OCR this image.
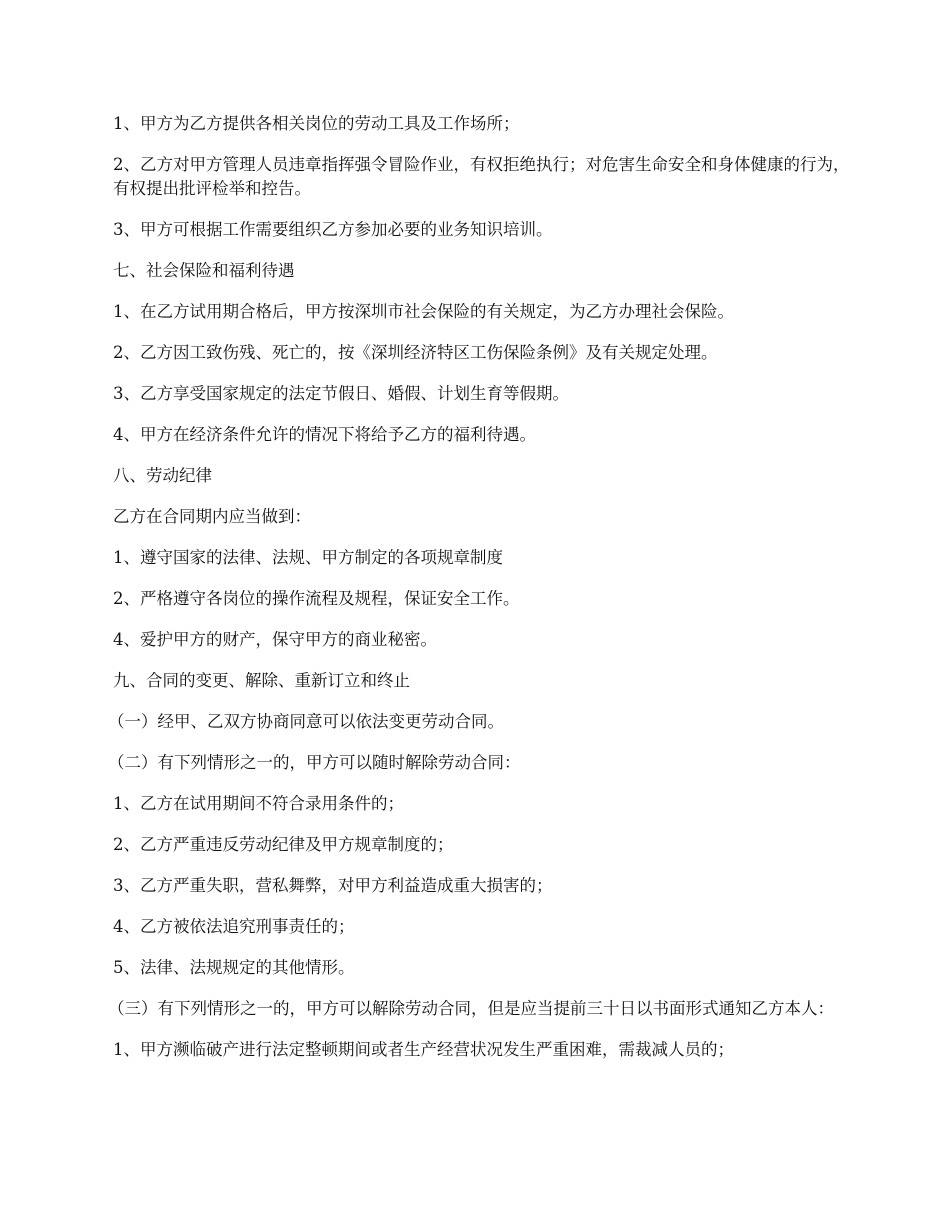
1、甲方为乙方提供各相关岗位的劳动工具及工作场所；

2、乙方对甲方管理人员违章指挥强令冒险作业，有权拒绝执行；对危害生命安全和身体健康的行为，有权提出批评检举和控告。

3、甲方可根据工作需要组织乙方参加必要的业务知识培训。

七、社会保险和福利待遇

1、在乙方试用期合格后，甲方按深圳市社会保险的有关规定，为乙方办理社会保险。

2、乙方因工致伤残、死亡的，按《深圳经济特区工伤保险条例》及有关规定处理。

3、乙方享受国家规定的法定节假日、婚假、计划生育等假期。

4、甲方在经济条件允许的情况下将给予乙方的福利待遇。

八、劳动纪律

乙方在合同期内应当做到：

1、遵守国家的法律、法规、甲方制定的各项规章制度

2、严格遵守各岗位的操作流程及规程，保证安全工作。

4、爱护甲方的财产，保守甲方的商业秘密。

九、合同的变更、解除、重新订立和终止

（一）经甲、乙双方协商同意可以依法变更劳动合同。

（二）有下列情形之一的，甲方可以随时解除劳动合同：

1、乙方在试用期间不符合录用条件的；

2、乙方严重违反劳动纪律及甲方规章制度的；

3、乙方严重失职，营私舞弊，对甲方利益造成重大损害的；

4、乙方被依法追究刑事责任的；

5、法律、法规规定的其他情形。

（三）有下列情形之一的，甲方可以解除劳动合同，但是应当提前三十日以书面形式通知乙方本人：

1、甲方濒临破产进行法定整顿期间或者生产经营状况发生严重困难，需裁减人员的；
